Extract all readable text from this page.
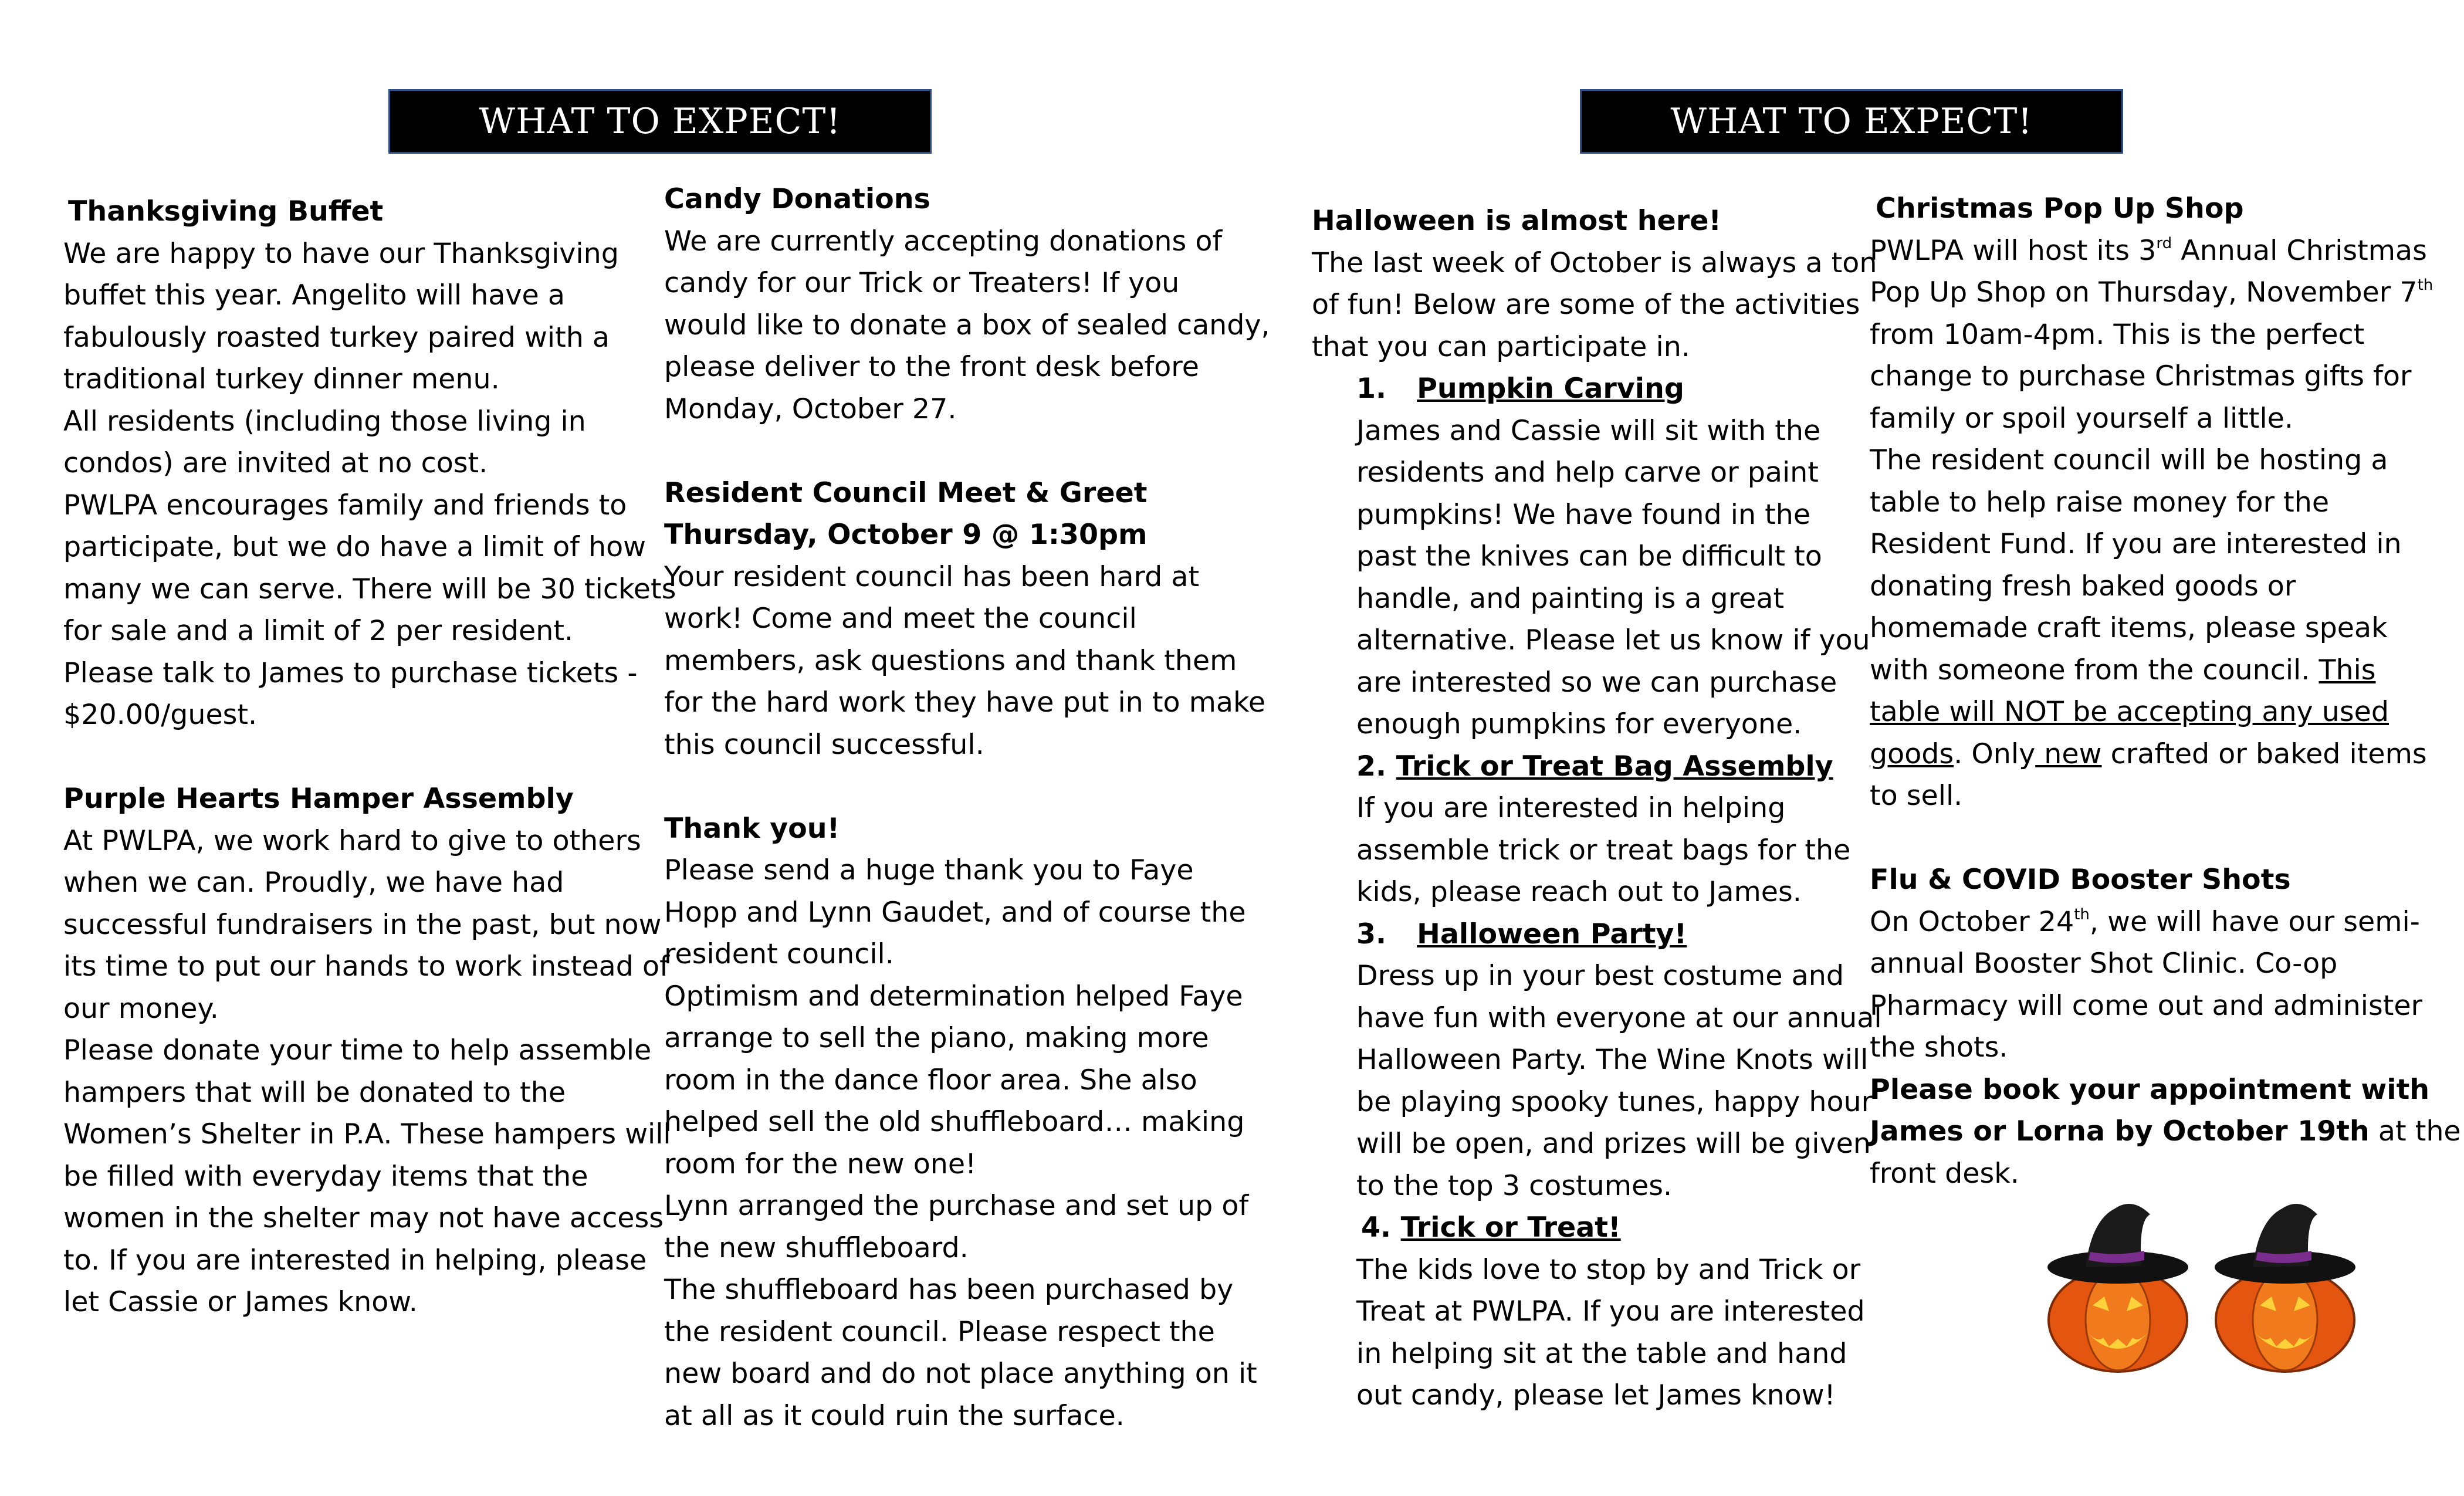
WHAT TO EXPECT!

Thanksgiving Buffet

We are happy to have our Thanksgiving

buffet this year. Angelito will have a

fabulously roasted turkey paired with a

traditional turkey dinner menu.

All residents (including those living in

condos) are invited at no cost.

PWLPA encourages family and friends to

participate, but we do have a limit of how

many we can serve. There will be 30 tickets

for sale and a limit of 2 per resident.

Please talk to James to purchase tickets -

$20.00/guest.

Purple Hearts Hamper Assembly

At PWLPA, we work hard to give to others

when we can. Proudly, we have had

successful fundraisers in the past, but now

its time to put our hands to work instead of

our money.

Please donate your time to help assemble

hampers that will be donated to the

Women’s Shelter in P.A. These hampers will

be filled with everyday items that the

women in the shelter may not have access

to. If you are interested in helping, please

let Cassie or James know.

Candy Donations

We are currently accepting donations of

candy for our Trick or Treaters! If you

would like to donate a box of sealed candy,

please deliver to the front desk before

Monday, October 27.

Resident Council Meet & Greet

Thursday, October 9 @ 1:30pm

Your resident council has been hard at

work! Come and meet the council

members, ask questions and thank them

for the hard work they have put in to make

this council successful.

Thank you!

Please send a huge thank you to Faye

Hopp and Lynn Gaudet, and of course the

resident council.

Optimism and determination helped Faye

arrange to sell the piano, making more

room in the dance floor area. She also

helped sell the old shuffleboard… making

room for the new one!

Lynn arranged the purchase and set up of

the new shuffleboard.

The shuffleboard has been purchased by

the resident council. Please respect the

new board and do not place anything on it

at all as it could ruin the surface.

WHAT TO EXPECT!

Halloween is almost here!

The last week of October is always a ton

of fun! Below are some of the activities

that you can participate in.

1. Pumpkin Carving

James and Cassie will sit with the

residents and help carve or paint

pumpkins! We have found in the

past the knives can be difficult to

handle, and painting is a great

alternative. Please let us know if you

are interested so we can purchase

enough pumpkins for everyone.

2. Trick or Treat Bag Assembly

If you are interested in helping

assemble trick or treat bags for the

kids, please reach out to James.

3. Halloween Party!

Dress up in your best costume and

have fun with everyone at our annual

Halloween Party. The Wine Knots will

be playing spooky tunes, happy hour

will be open, and prizes will be given

to the top 3 costumes.

4. Trick or Treat!

The kids love to stop by and Trick or

Treat at PWLPA. If you are interested

in helping sit at the table and hand

out candy, please let James know!

Christmas Pop Up Shop

PWLPA will host its 3rd Annual Christmas

Pop Up Shop on Thursday, November 7th

from 10am-4pm. This is the perfect

change to purchase Christmas gifts for

family or spoil yourself a little.

The resident council will be hosting a

table to help raise money for the

Resident Fund. If you are interested in

donating fresh baked goods or

homemade craft items, please speak

with someone from the council. This

table will NOT be accepting any used

goods. Only new crafted or baked items

to sell.

Flu & COVID Booster Shots

On October 24th, we will have our semi-

annual Booster Shot Clinic. Co-op

Pharmacy will come out and administer

the shots.

Please book your appointment with

James or Lorna by October 19th at the

front desk.
